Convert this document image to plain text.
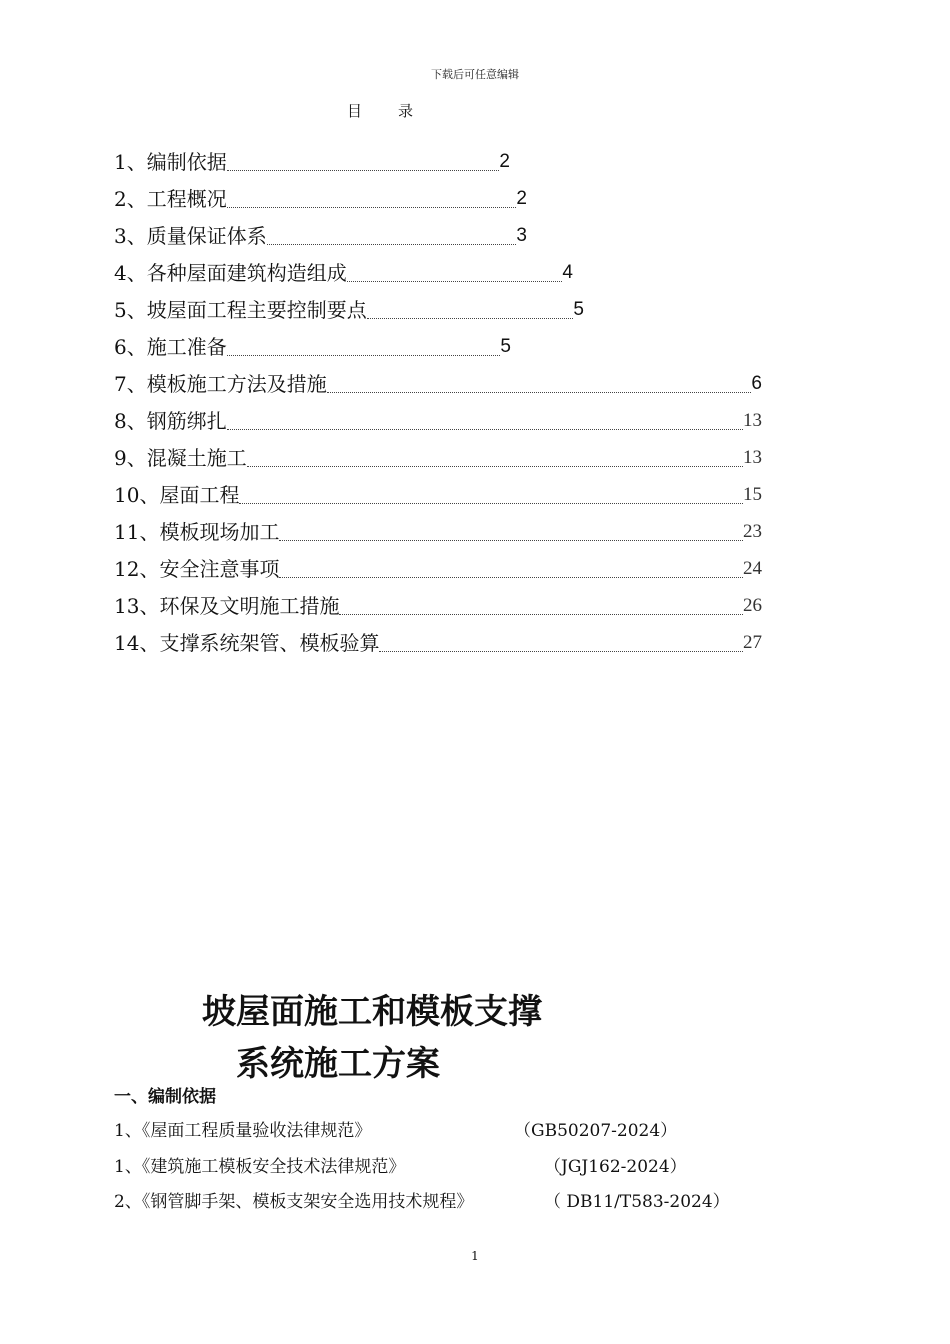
下载后可任意编辑
目 录
1、编制依据	2
2、工程概况	2
3、质量保证体系	3
4、各种屋面建筑构造组成	4
5、坡屋面工程主要控制要点	5
6、施工准备	5
7、模板施工方法及措施	6
8、钢筋绑扎	13
9、混凝土施工	13
10、屋面工程	15
11、模板现场加工	23
12、安全注意事项	24
13、环保及文明施工措施	26
14、支撑系统架管、模板验算	27
坡屋面施工和模板支撑
系统施工方案
一、编制依据
1、《屋面工程质量验收法律规范》	（GB50207-2024）
1、《建筑施工模板安全技术法律规范》	（JGJ162-2024）
2、《钢管脚手架、模板支架安全选用技术规程》	（ DB11/T583-2024）
1
